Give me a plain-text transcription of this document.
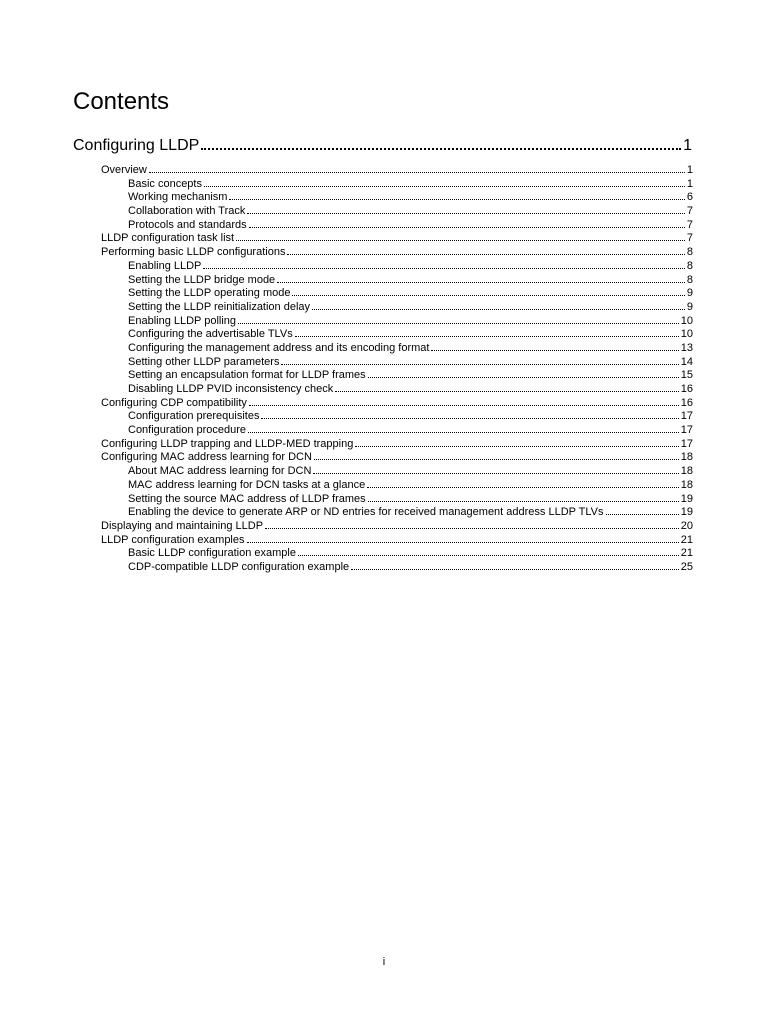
Contents
Configuring LLDP	1
Overview	1
Basic concepts	1
Working mechanism	6
Collaboration with Track	7
Protocols and standards	7
LLDP configuration task list	7
Performing basic LLDP configurations	8
Enabling LLDP	8
Setting the LLDP bridge mode	8
Setting the LLDP operating mode	9
Setting the LLDP reinitialization delay	9
Enabling LLDP polling	10
Configuring the advertisable TLVs	10
Configuring the management address and its encoding format	13
Setting other LLDP parameters	14
Setting an encapsulation format for LLDP frames	15
Disabling LLDP PVID inconsistency check	16
Configuring CDP compatibility	16
Configuration prerequisites	17
Configuration procedure	17
Configuring LLDP trapping and LLDP-MED trapping	17
Configuring MAC address learning for DCN	18
About MAC address learning for DCN	18
MAC address learning for DCN tasks at a glance	18
Setting the source MAC address of LLDP frames	19
Enabling the device to generate ARP or ND entries for received management address LLDP TLVs	19
Displaying and maintaining LLDP	20
LLDP configuration examples	21
Basic LLDP configuration example	21
CDP-compatible LLDP configuration example	25
i
